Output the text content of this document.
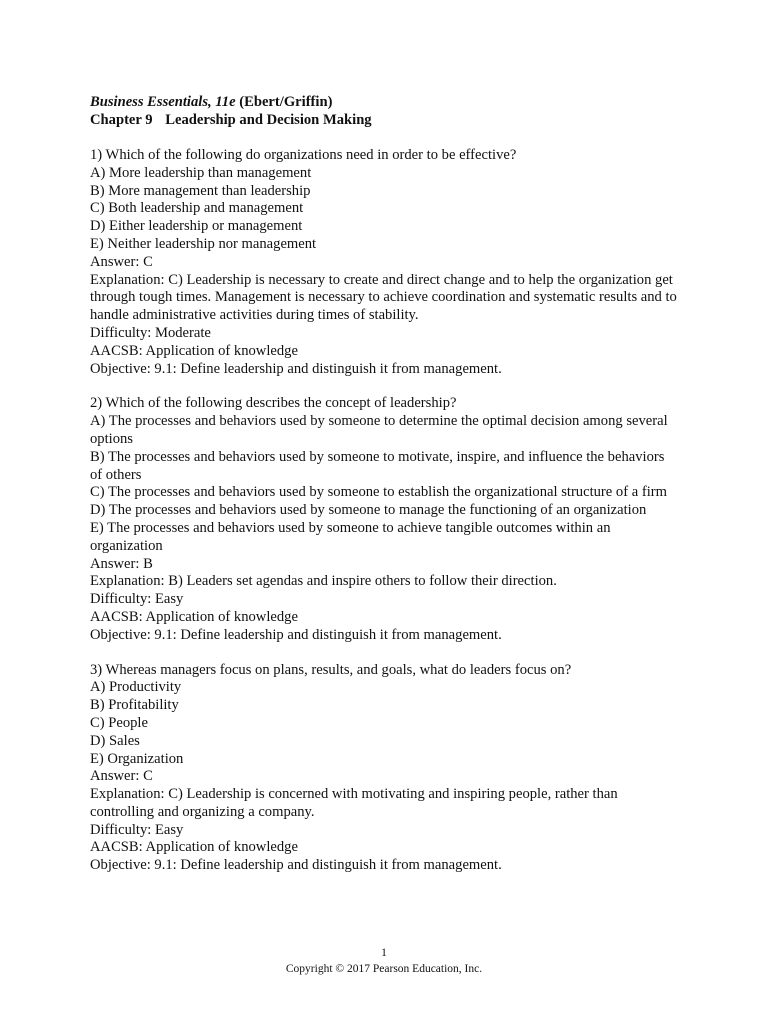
Business Essentials, 11e (Ebert/Griffin)
Chapter 9 Leadership and Decision Making
1) Which of the following do organizations need in order to be effective?
A) More leadership than management
B) More management than leadership
C) Both leadership and management
D) Either leadership or management
E) Neither leadership nor management
Answer: C
Explanation: C) Leadership is necessary to create and direct change and to help the organization get through tough times. Management is necessary to achieve coordination and systematic results and to handle administrative activities during times of stability.
Difficulty: Moderate
AACSB: Application of knowledge
Objective: 9.1: Define leadership and distinguish it from management.
2) Which of the following describes the concept of leadership?
A) The processes and behaviors used by someone to determine the optimal decision among several options
B) The processes and behaviors used by someone to motivate, inspire, and influence the behaviors of others
C) The processes and behaviors used by someone to establish the organizational structure of a firm
D) The processes and behaviors used by someone to manage the functioning of an organization
E) The processes and behaviors used by someone to achieve tangible outcomes within an organization
Answer: B
Explanation: B) Leaders set agendas and inspire others to follow their direction.
Difficulty: Easy
AACSB: Application of knowledge
Objective: 9.1: Define leadership and distinguish it from management.
3) Whereas managers focus on plans, results, and goals, what do leaders focus on?
A) Productivity
B) Profitability
C) People
D) Sales
E) Organization
Answer: C
Explanation: C) Leadership is concerned with motivating and inspiring people, rather than controlling and organizing a company.
Difficulty: Easy
AACSB: Application of knowledge
Objective: 9.1: Define leadership and distinguish it from management.
1
Copyright © 2017 Pearson Education, Inc.
